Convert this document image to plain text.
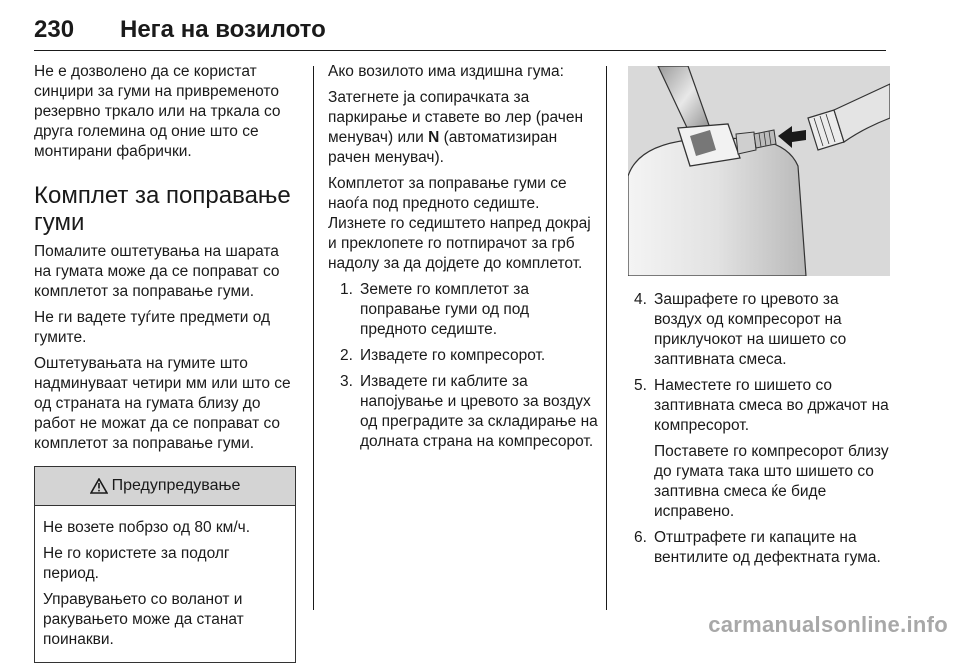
230 Нега на возилото

Не е дозволено да се користат синџири за гуми на привременото резервно тркало или на тркала со друга големина од оние што се монтирани фабрички.

Комплет за поправање гуми

Помалите оштетувања на шарата на гумата може да се поправат со комплетот за поправање гуми.

Не ги вадете туѓите предмети од гумите.

Оштетувањата на гумите што надминуваат четири мм или што се од страната на гумата близу до работ не можат да се поправат со комплетот за поправање гуми.

Предупредување

Не возете побрзо од 80 км/ч.

Не го користете за подолг период.

Управувањето со воланот и ракувањето може да станат поинакви.

Ако возилото има издишна гума:

Затегнете ја сопирачката за паркирање и ставете во лер (рачен менувач) или N (автоматизиран рачен менувач).

Комплетот за поправање гуми се наоѓа под предното седиште. Лизнете го седиштето напред докрај и преклопете го потпирачот за грб надолу за да дојдете до комплетот.

1. Земете го комплетот за поправање гуми од под предното седиште.
2. Извадете го компресорот.
3. Извадете ги каблите за напојување и цревото за воздух од преградите за складирање на долната страна на компресорот.
4. Зашрафете го цревото за воздух од компресорот на приклучокот на шишето со заптивната смеса.
5. Наместете го шишето со заптивната смеса во држачот на компресорот.
Поставете го компресорот близу до гумата така што шишето со заптивна смеса ќе биде исправено.
6. Отштрафете ги капаците на вентилите од дефектната гума.
carmanualsonline.info
